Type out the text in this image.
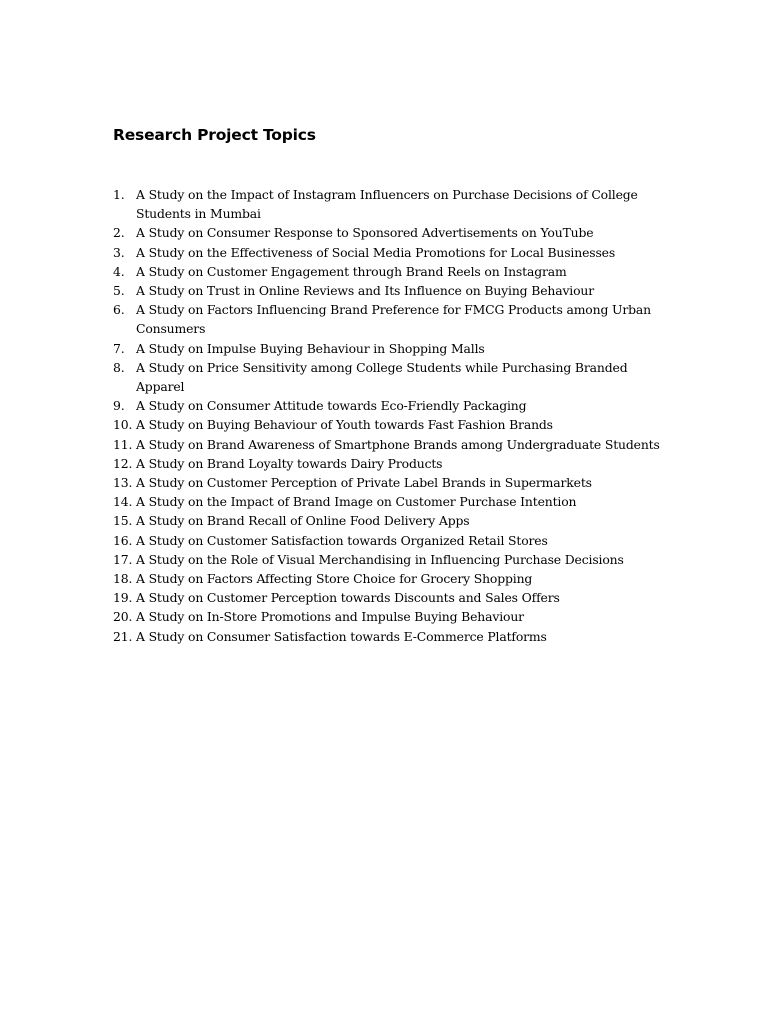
Research Project Topics
1. A Study on the Impact of Instagram Influencers on Purchase Decisions of College Students in Mumbai
2. A Study on Consumer Response to Sponsored Advertisements on YouTube
3. A Study on the Effectiveness of Social Media Promotions for Local Businesses
4. A Study on Customer Engagement through Brand Reels on Instagram
5. A Study on Trust in Online Reviews and Its Influence on Buying Behaviour
6. A Study on Factors Influencing Brand Preference for FMCG Products among Urban Consumers
7. A Study on Impulse Buying Behaviour in Shopping Malls
8. A Study on Price Sensitivity among College Students while Purchasing Branded Apparel
9. A Study on Consumer Attitude towards Eco-Friendly Packaging
10. A Study on Buying Behaviour of Youth towards Fast Fashion Brands
11. A Study on Brand Awareness of Smartphone Brands among Undergraduate Students
12. A Study on Brand Loyalty towards Dairy Products
13. A Study on Customer Perception of Private Label Brands in Supermarkets
14. A Study on the Impact of Brand Image on Customer Purchase Intention
15. A Study on Brand Recall of Online Food Delivery Apps
16. A Study on Customer Satisfaction towards Organized Retail Stores
17. A Study on the Role of Visual Merchandising in Influencing Purchase Decisions
18. A Study on Factors Affecting Store Choice for Grocery Shopping
19. A Study on Customer Perception towards Discounts and Sales Offers
20. A Study on In-Store Promotions and Impulse Buying Behaviour
21. A Study on Consumer Satisfaction towards E-Commerce Platforms
